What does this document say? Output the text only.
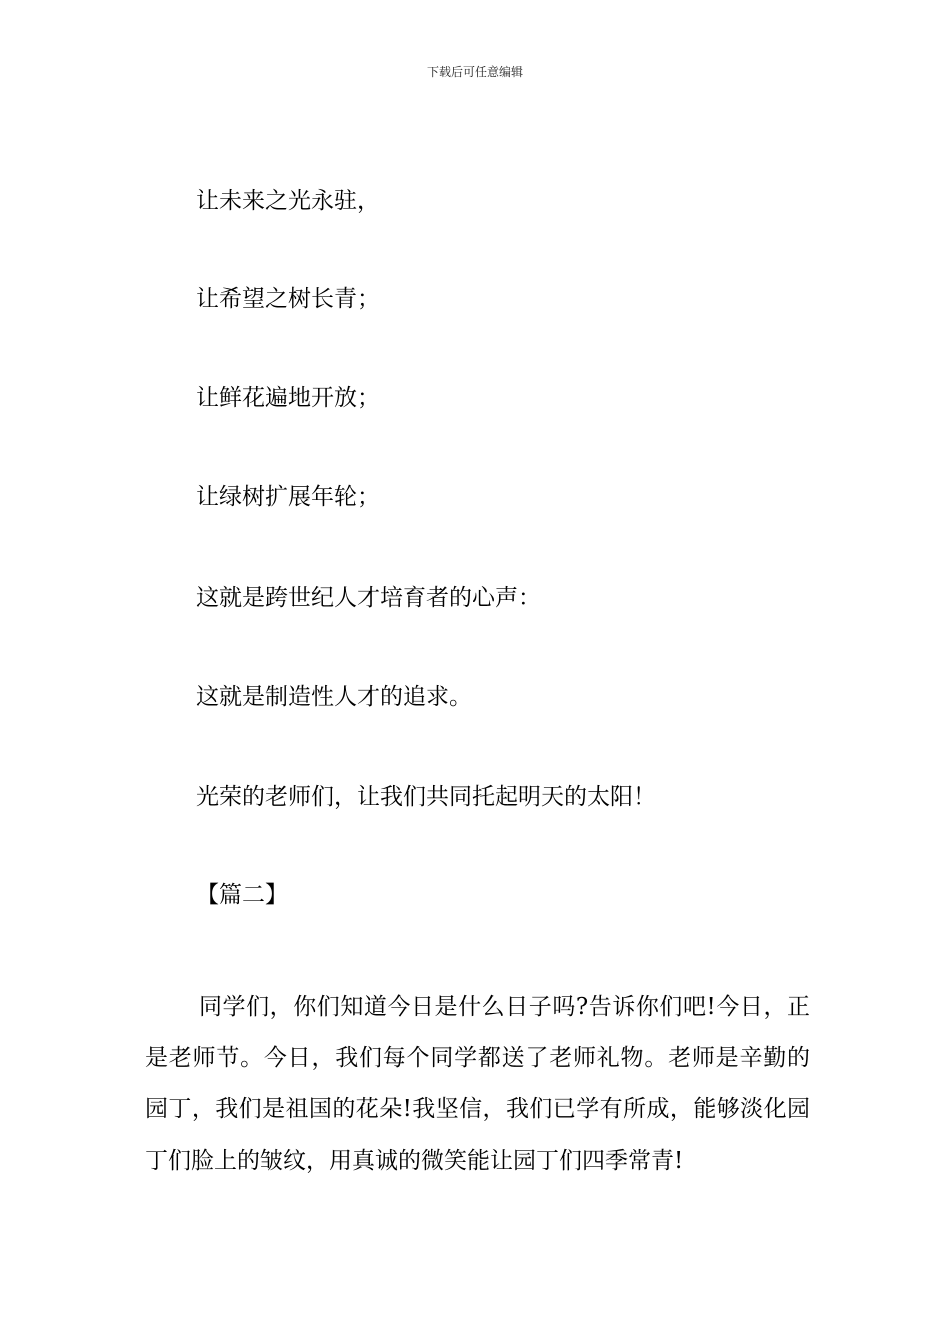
下载后可任意编辑
让未来之光永驻，
让希望之树长青；
让鲜花遍地开放；
让绿树扩展年轮；
这就是跨世纪人才培育者的心声：
这就是制造性人才的追求。
光荣的老师们，让我们共同托起明天的太阳！
【篇二】

同学们，你们知道今日是什么日子吗?告诉你们吧!今日，正是老师节。今日，我们每个同学都送了老师礼物。老师是辛勤的园丁，我们是祖国的花朵!我坚信，我们已学有所成，能够淡化园丁们脸上的皱纹，用真诚的微笑能让园丁们四季常青!
